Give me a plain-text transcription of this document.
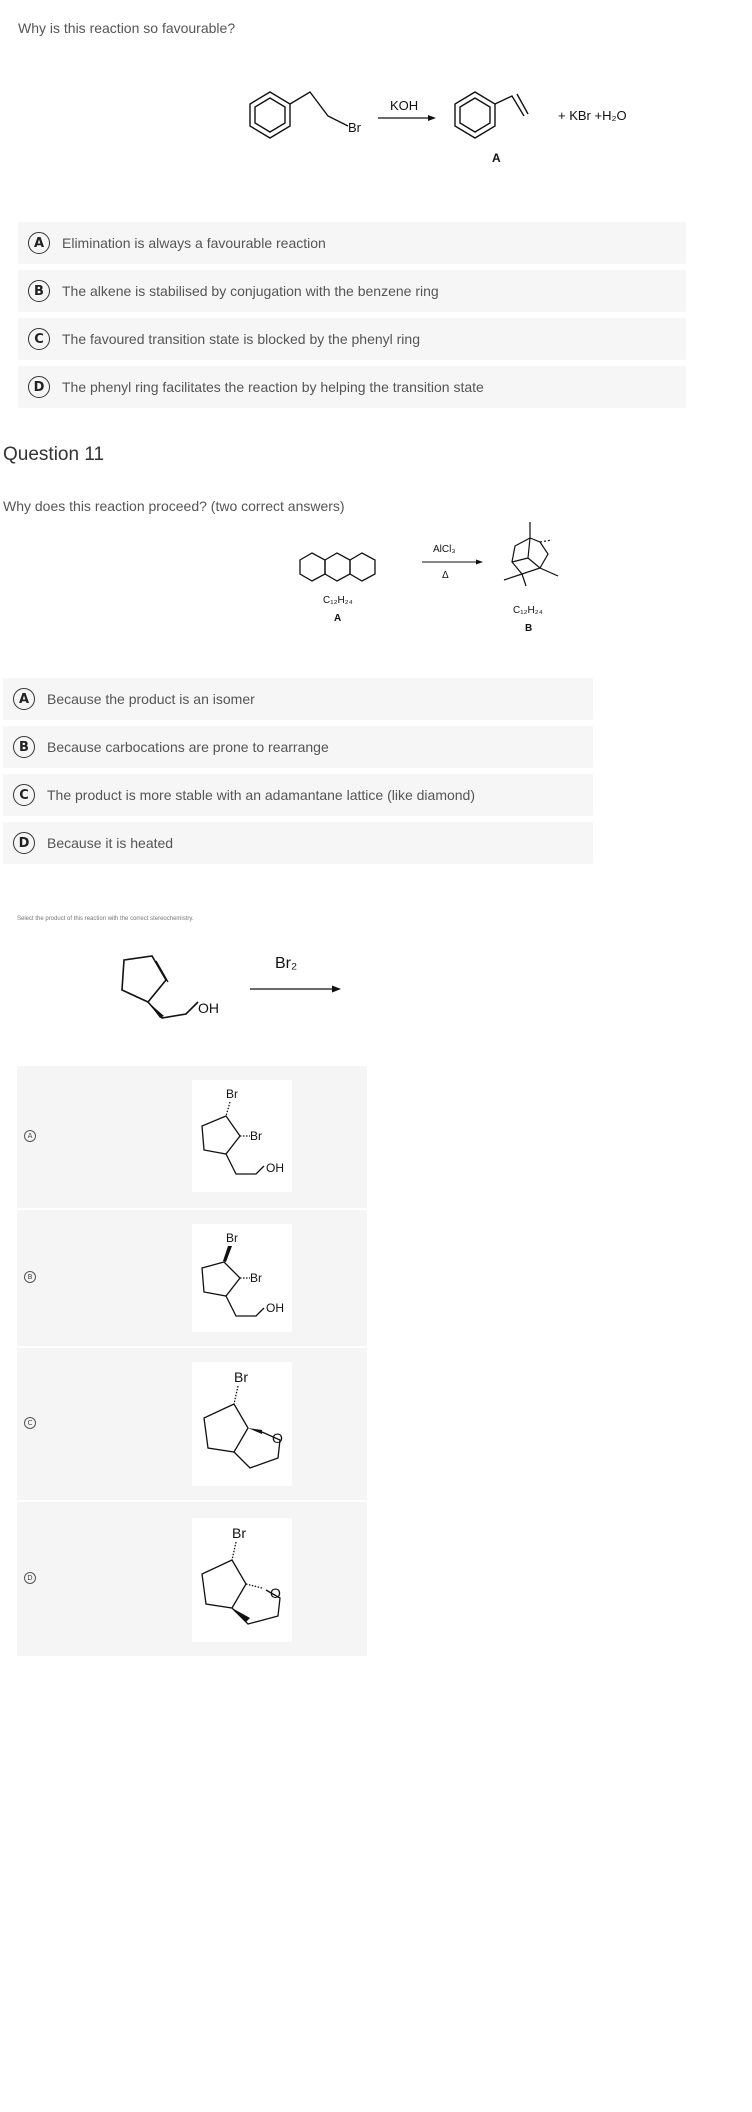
Why is this reaction so favourable?
Br
KOH
A
+ KBr +H₂O
A	Elimination is always a favourable reaction
B	The alkene is stabilised by conjugation with the benzene ring
C	The favoured transition state is blocked by the phenyl ring
D	The phenyl ring facilitates the reaction by helping the transition state
Question 11
Why does this reaction proceed? (two correct answers)
C₁₂H₂₄
A
AlCl₃
Δ
C₁₂H₂₄
B
A	Because the product is an isomer
B	Because carbocations are prone to rearrange
C	The product is more stable with an adamantane lattice (like diamond)
D	Because it is heated
Select the product of this reaction with the correct stereochemistry.
OH
Br₂
A
B
C
D
Br
Br
OH
Br
Br
OH
Br
O
Br
O
